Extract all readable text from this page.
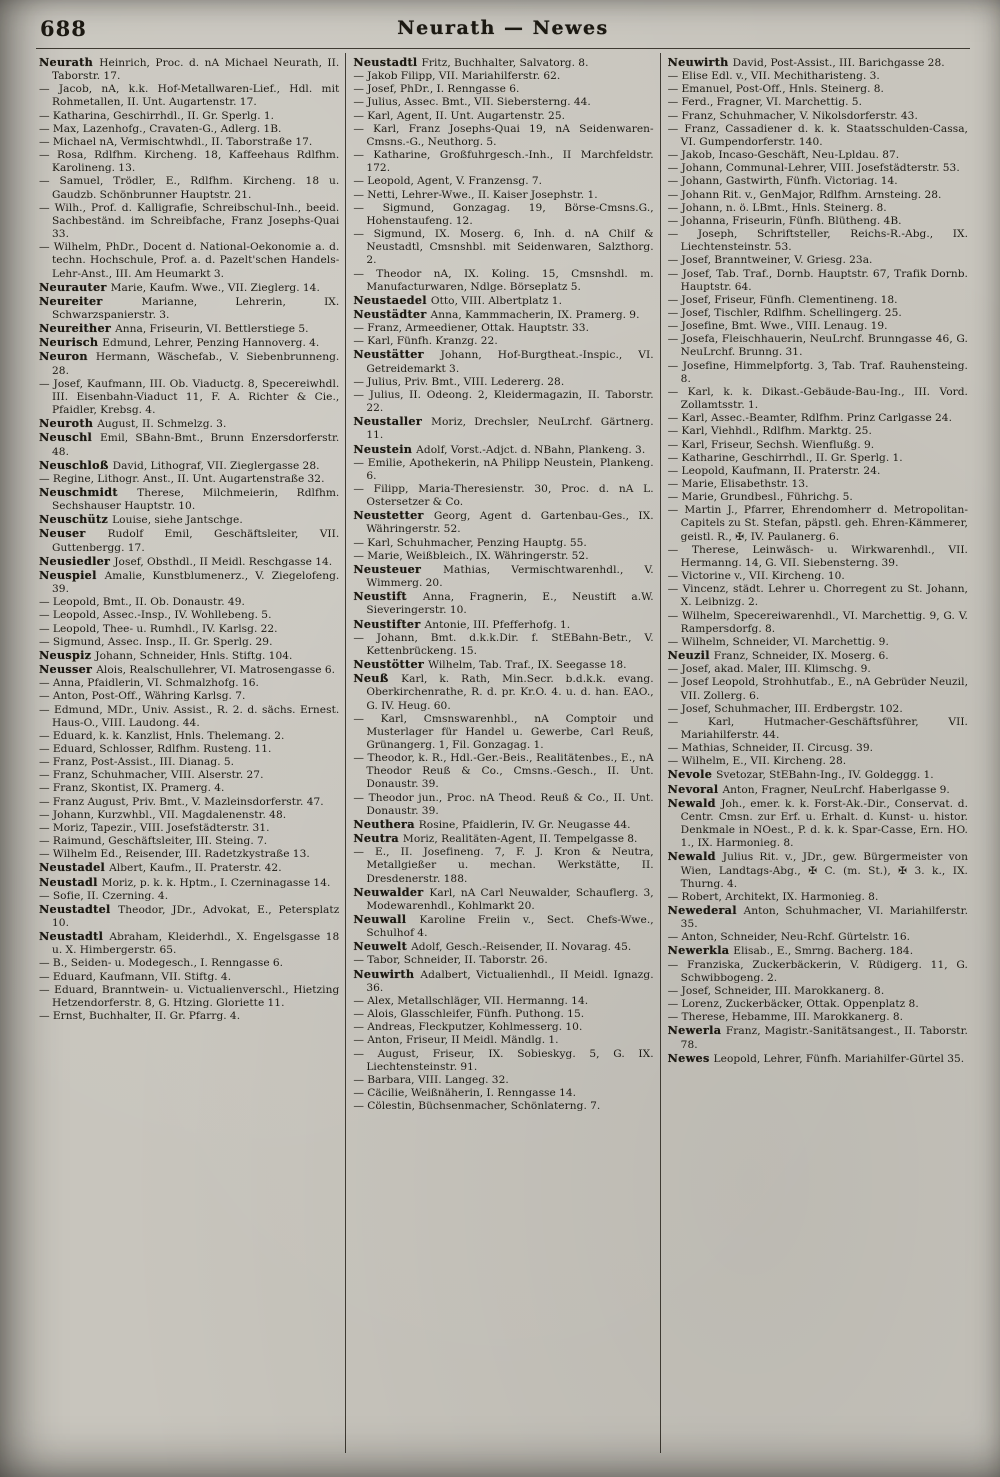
688	Neurath — Newes

Neurath Heinrich, Proc. d. nA Michael Neurath, II. Taborstr. 17.

— Jacob, nA, k.k. Hof-Metallwaren-Lief., Hdl. mit Rohmetallen, II. Unt. Augartenstr. 17.

— Katharina, Geschirrhdl., II. Gr. Sperlg. 1.

— Max, Lazenhofg., Cravaten-G., Adlerg. 1B.

— Michael nA, Vermischtwhdl., II. Taborstraße 17.

— Rosa, Rdlfhm. Kircheng. 18, Kaffeehaus Rdlfhm. Karolineng. 13.

— Samuel, Trödler, E., Rdlfhm. Kircheng. 18 u. Gaudzb. Schönbrunner Hauptstr. 21.

— Wilh., Prof. d. Kalligrafie, Schreibschul-Inh., beeid. Sachbeständ. im Schreibfache, Franz Josephs-Quai 33.

— Wilhelm, PhDr., Docent d. National-Oekonomie a. d. techn. Hochschule, Prof. a. d. Pazelt'schen Handels-Lehr-Anst., III. Am Heumarkt 3.

Neurauter Marie, Kaufm. Wwe., VII. Zieglerg. 14.

Neureiter Marianne, Lehrerin, IX. Schwarzspanierstr. 3.

Neureither Anna, Friseurin, VI. Bettlerstiege 5.

Neurisch Edmund, Lehrer, Penzing Hannoverg. 4.

Neuron Hermann, Wäschefab., V. Siebenbrunneng. 28.

— Josef, Kaufmann, III. Ob. Viaductg. 8, Specereiwhdl. III. Eisenbahn-Viaduct 11, F. A. Richter & Cie., Pfaidler, Krebsg. 4.

Neuroth August, II. Schmelzg. 3.

Neuschl Emil, SBahn-Bmt., Brunn Enzersdorferstr. 48.

Neuschloß David, Lithograf, VII. Zieglergasse 28.

— Regine, Lithogr. Anst., II. Unt. Augartenstraße 32.

Neuschmidt Therese, Milchmeierin, Rdlfhm. Sechshauser Hauptstr. 10.

Neuschütz Louise, siehe Jantschge.

Neuser Rudolf Emil, Geschäftsleiter, VII. Guttenbergg. 17.

Neusiedler Josef, Obsthdl., II Meidl. Reschgasse 14.

Neuspiel Amalie, Kunstblumenerz., V. Ziegelofeng. 39.

— Leopold, Bmt., II. Ob. Donaustr. 49.

— Leopold, Assec.-Insp., IV. Wohllebeng. 5.

— Leopold, Thee- u. Rumhdl., IV. Karlsg. 22.

— Sigmund, Assec. Insp., II. Gr. Sperlg. 29.

Neuspiz Johann, Schneider, Hnls. Stiftg. 104.

Neusser Alois, Realschullehrer, VI. Matrosengasse 6.

— Anna, Pfaidlerin, VI. Schmalzhofg. 16.

— Anton, Post-Off., Währing Karlsg. 7.

— Edmund, MDr., Univ. Assist., R. 2. d. sächs. Ernest. Haus-O., VIII. Laudong. 44.

— Eduard, k. k. Kanzlist, Hnls. Thelemang. 2.

— Eduard, Schlosser, Rdlfhm. Rusteng. 11.

— Franz, Post-Assist., III. Dianag. 5.

— Franz, Schuhmacher, VIII. Alserstr. 27.

— Franz, Skontist, IX. Pramerg. 4.

— Franz August, Priv. Bmt., V. Mazleinsdorferstr. 47.

— Johann, Kurzwhbl., VII. Magdalenenstr. 48.

— Moriz, Tapezir., VIII. Josefstädterstr. 31.

— Raimund, Geschäftsleiter, III. Steing. 7.

— Wilhelm Ed., Reisender, III. Radetzkystraße 13.

Neustadel Albert, Kaufm., II. Praterstr. 42.

Neustadl Moriz, p. k. k. Hptm., I. Czerninagasse 14.

— Sofie, II. Czerning. 4.

Neustadtel Theodor, JDr., Advokat, E., Petersplatz 10.

Neustadtl Abraham, Kleiderhdl., X. Engelsgasse 18 u. X. Himbergerstr. 65.

— B., Seiden- u. Modegesch., I. Renngasse 6.

— Eduard, Kaufmann, VII. Stiftg. 4.

— Eduard, Branntwein- u. Victualienverschl., Hietzing Hetzendorferstr. 8, G. Htzing. Gloriette 11.

— Ernst, Buchhalter, II. Gr. Pfarrg. 4.

Neustadtl Fritz, Buchhalter, Salvatorg. 8.

— Jakob Filipp, VII. Mariahilferstr. 62.

— Josef, PhDr., I. Renngasse 6.

— Julius, Assec. Bmt., VII. Siebersterng. 44.

— Karl, Agent, II. Unt. Augartenstr. 25.

— Karl, Franz Josephs-Quai 19, nA Seidenwaren-Cmsns.-G., Neuthorg. 5.

— Katharine, Großfuhrgesch.-Inh., II Marchfeldstr. 172.

— Leopold, Agent, V. Franzensg. 7.

— Netti, Lehrer-Wwe., II. Kaiser Josephstr. 1.

— Sigmund, Gonzagag. 19, Börse-Cmsns.G., Hohenstaufeng. 12.

— Sigmund, IX. Moserg. 6, Inh. d. nA Chilf & Neustadtl, Cmsnshbl. mit Seidenwaren, Salzthorg. 2.

— Theodor nA, IX. Koling. 15, Cmsnshdl. m. Manufacturwaren, Ndlge. Börseplatz 5.

Neustaedel Otto, VIII. Albertplatz 1.

Neustädter Anna, Kammmacherin, IX. Pramerg. 9.

— Franz, Armeediener, Ottak. Hauptstr. 33.

— Karl, Fünfh. Kranzg. 22.

Neustätter Johann, Hof-Burgtheat.-Inspic., VI. Getreidemarkt 3.

— Julius, Priv. Bmt., VIII. Ledererg. 28.

— Julius, II. Odeong. 2, Kleidermagazin, II. Taborstr. 22.

Neustaller Moriz, Drechsler, NeuLrchf. Gärtnerg. 11.

Neustein Adolf, Vorst.-Adjct. d. NBahn, Plankeng. 3.

— Emilie, Apothekerin, nA Philipp Neustein, Plankeng. 6.

— Filipp, Maria-Theresienstr. 30, Proc. d. nA L. Ostersetzer & Co.

Neustetter Georg, Agent d. Gartenbau-Ges., IX. Währingerstr. 52.

— Karl, Schuhmacher, Penzing Hauptg. 55.

— Marie, Weißbleich., IX. Währingerstr. 52.

Neusteuer Mathias, Vermischtwarenhdl., V. Wimmerg. 20.

Neustift Anna, Fragnerin, E., Neustift a.W. Sieveringerstr. 10.

Neustifter Antonie, III. Pfefferhofg. 1.

— Johann, Bmt. d.k.k.Dir. f. StEBahn-Betr., V. Kettenbrückeng. 15.

Neustötter Wilhelm, Tab. Traf., IX. Seegasse 18.

Neuß Karl, k. Rath, Min.Secr. b.d.k.k. evang. Oberkirchenrathe, R. d. pr. Kr.O. 4. u. d. han. EAO., G. IV. Heug. 60.

— Karl, Cmsnswarenhbl., nA Comptoir und Musterlager für Handel u. Gewerbe, Carl Reuß, Grünangerg. 1, Fil. Gonzagag. 1.

— Theodor, k. R., Hdl.-Ger.-Beis., Realitätenbes., E., nA Theodor Reuß & Co., Cmsns.-Gesch., II. Unt. Donaustr. 39.

— Theodor jun., Proc. nA Theod. Reuß & Co., II. Unt. Donaustr. 39.

Neuthera Rosine, Pfaidlerin, IV. Gr. Neugasse 44.

Neutra Moriz, Realitäten-Agent, II. Tempelgasse 8.

— E., II. Josefineng. 7, F. J. Kron & Neutra, Metallgießer u. mechan. Werkstätte, II. Dresdenerstr. 188.

Neuwalder Karl, nA Carl Neuwalder, Schauflerg. 3, Modewarenhdl., Kohlmarkt 20.

Neuwall Karoline Freiin v., Sect. Chefs-Wwe., Schulhof 4.

Neuwelt Adolf, Gesch.-Reisender, II. Novarag. 45.

— Tabor, Schneider, II. Taborstr. 26.

Neuwirth Adalbert, Victualienhdl., II Meidl. Ignazg. 36.

— Alex, Metallschläger, VII. Hermanng. 14.

— Alois, Glasschleifer, Fünfh. Puthong. 15.

— Andreas, Fleckputzer, Kohlmesserg. 10.

— Anton, Friseur, II Meidl. Mändlg. 1.

— August, Friseur, IX. Sobieskyg. 5, G. IX. Liechtensteinstr. 91.

— Barbara, VIII. Langeg. 32.

— Cäcilie, Weißnäherin, I. Renngasse 14.

— Cölestin, Büchsenmacher, Schönlaterng. 7.

Neuwirth David, Post-Assist., III. Barichgasse 28.

— Elise Edl. v., VII. Mechitharisteng. 3.

— Emanuel, Post-Off., Hnls. Steinerg. 8.

— Ferd., Fragner, VI. Marchettig. 5.

— Franz, Schuhmacher, V. Nikolsdorferstr. 43.

— Franz, Cassadiener d. k. k. Staatsschulden-Cassa, VI. Gumpendorferstr. 140.

— Jakob, Incaso-Geschäft, Neu-Lpldau. 87.

— Johann, Communal-Lehrer, VIII. Josefstädterstr. 53.

— Johann, Gastwirth, Fünfh. Victoriag. 14.

— Johann Rit. v., GenMajor, Rdlfhm. Arnsteing. 28.

— Johann, n. ö. LBmt., Hnls. Steinerg. 8.

— Johanna, Friseurin, Fünfh. Blütheng. 4B.

— Joseph, Schriftsteller, Reichs-R.-Abg., IX. Liechtensteinstr. 53.

— Josef, Branntweiner, V. Griesg. 23a.

— Josef, Tab. Traf., Dornb. Hauptstr. 67, Trafik Dornb. Hauptstr. 64.

— Josef, Friseur, Fünfh. Clementineng. 18.

— Josef, Tischler, Rdlfhm. Schellingerg. 25.

— Josefine, Bmt. Wwe., VIII. Lenaug. 19.

— Josefa, Fleischhauerin, NeuLrchf. Brunngasse 46, G. NeuLrchf. Brunng. 31.

— Josefine, Himmelpfortg. 3, Tab. Traf. Rauhensteing. 8.

— Karl, k. k. Dikast.-Gebäude-Bau-Ing., III. Vord. Zollamtsstr. 1.

— Karl, Assec.-Beamter, Rdlfhm. Prinz Carlgasse 24.

— Karl, Viehhdl., Rdlfhm. Marktg. 25.

— Karl, Friseur, Sechsh. Wienflußg. 9.

— Katharine, Geschirrhdl., II. Gr. Sperlg. 1.

— Leopold, Kaufmann, II. Praterstr. 24.

— Marie, Elisabethstr. 13.

— Marie, Grundbesl., Führichg. 5.

— Martin J., Pfarrer, Ehrendomherr d. Metropolitan-Capitels zu St. Stefan, päpstl. geh. Ehren-Kämmerer, geistl. R., ✠, IV. Paulanerg. 6.

— Therese, Leinwäsch- u. Wirkwarenhdl., VII. Hermanng. 14, G. VII. Siebensterng. 39.

— Victorine v., VII. Kircheng. 10.

— Vincenz, städt. Lehrer u. Chorregent zu St. Johann, X. Leibnizg. 2.

— Wilhelm, Specereiwarenhdl., VI. Marchettig. 9, G. V. Rampersdorfg. 8.

— Wilhelm, Schneider, VI. Marchettig. 9.

Neuzil Franz, Schneider, IX. Moserg. 6.

— Josef, akad. Maler, III. Klimschg. 9.

— Josef Leopold, Strohhutfab., E., nA Gebrüder Neuzil, VII. Zollerg. 6.

— Josef, Schuhmacher, III. Erdbergstr. 102.

— Karl, Hutmacher-Geschäftsführer, VII. Mariahilferstr. 44.

— Mathias, Schneider, II. Circusg. 39.

— Wilhelm, E., VII. Kircheng. 28.

Nevole Svetozar, StEBahn-Ing., IV. Goldeggg. 1.

Nevoral Anton, Fragner, NeuLrchf. Haberlgasse 9.

Newald Joh., emer. k. k. Forst-Ak.-Dir., Conservat. d. Centr. Cmsn. zur Erf. u. Erhalt. d. Kunst- u. histor. Denkmale in NOest., P. d. k. k. Spar-Casse, Ern. HO. 1., IX. Harmonieg. 8.

Newald Julius Rit. v., JDr., gew. Bürgermeister von Wien, Landtags-Abg., ✠ C. (m. St.), ✠ 3. k., IX. Thurng. 4.

— Robert, Architekt, IX. Harmonieg. 8.

Newederal Anton, Schuhmacher, VI. Mariahilferstr. 35.

— Anton, Schneider, Neu-Rchf. Gürtelstr. 16.

Newerkla Elisab., E., Smrng. Bacherg. 184.

— Franziska, Zuckerbäckerin, V. Rüdigerg. 11, G. Schwibbogeng. 2.

— Josef, Schneider, III. Marokkanerg. 8.

— Lorenz, Zuckerbäcker, Ottak. Oppenplatz 8.

— Therese, Hebamme, III. Marokkanerg. 8.

Newerla Franz, Magistr.-Sanitätsangest., II. Taborstr. 78.

Newes Leopold, Lehrer, Fünfh. Mariahilfer-Gürtel 35.
